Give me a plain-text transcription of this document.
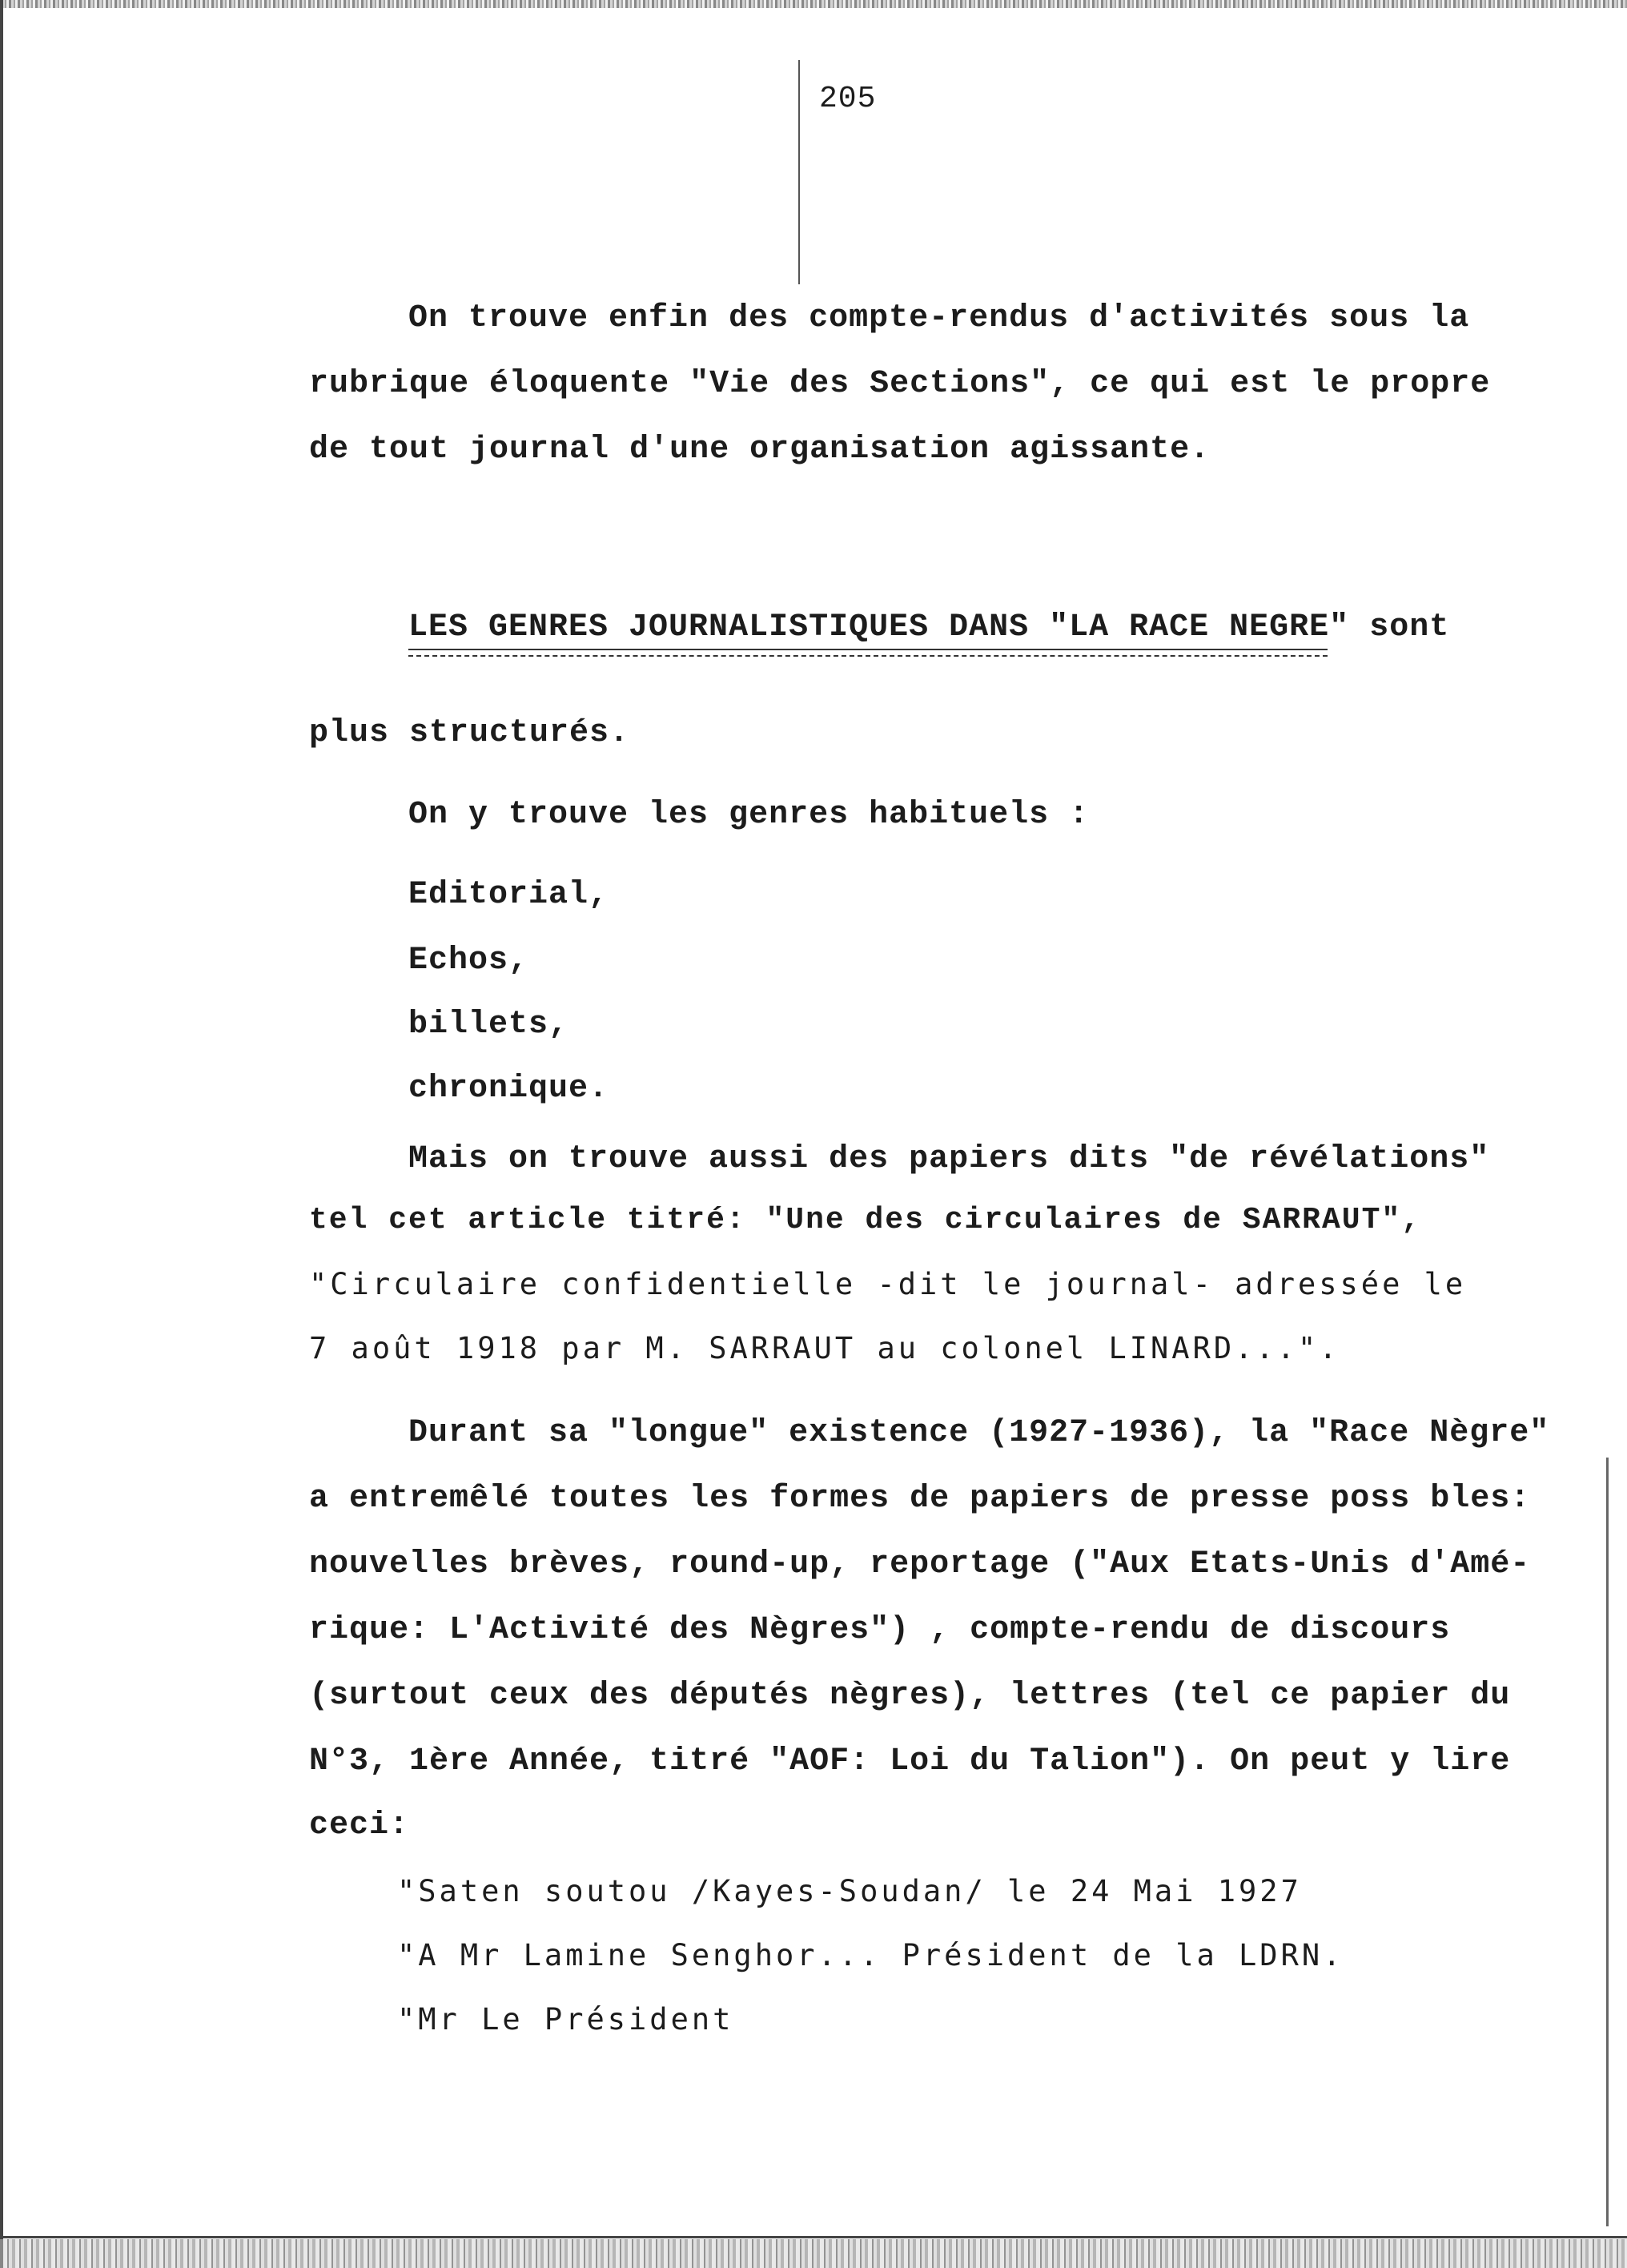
205
On trouve enfin des compte-rendus d'activités sous la
rubrique éloquente "Vie des Sections", ce qui est le propre
de tout journal d'une organisation agissante.
LES GENRES JOURNALISTIQUES DANS "LA RACE NEGRE" sont
plus structurés.
On y trouve les genres habituels :
Editorial,
Echos,
billets,
chronique.
Mais on trouve aussi des papiers dits "de révélations"
tel cet article titré: "Une des circulaires de SARRAUT",
"Circulaire confidentielle -dit le journal- adressée le
7 août 1918 par M. SARRAUT au colonel LINARD...".
Durant sa "longue" existence (1927-1936), la "Race Nègre"
a entremêlé toutes les formes de papiers de presse poss bles:
nouvelles brèves, round-up, reportage ("Aux Etats-Unis d'Amé-
rique: L'Activité des Nègres") , compte-rendu de discours
(surtout ceux des députés nègres), lettres (tel ce papier du
N°3, 1ère Année, titré "AOF: Loi du Talion"). On peut y lire
ceci:
"Saten soutou /Kayes-Soudan/ le 24 Mai 1927
"A Mr Lamine Senghor... Président de la LDRN.
"Mr Le Président
